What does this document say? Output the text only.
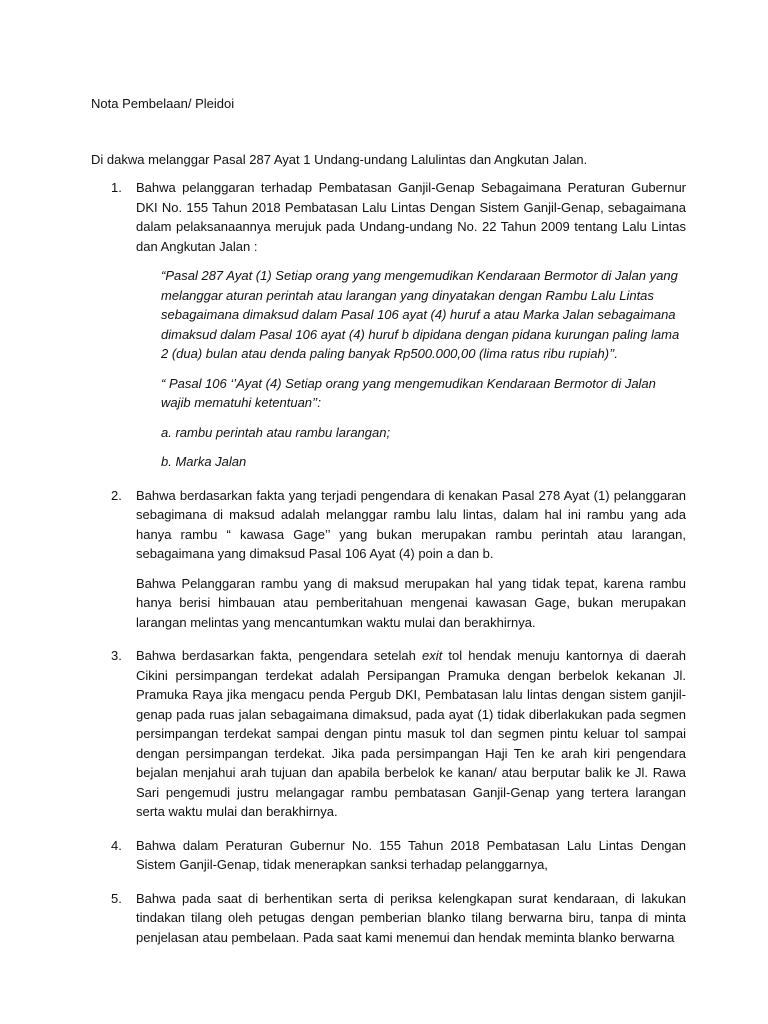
Nota Pembelaan/ Pleidoi
Di dakwa melanggar Pasal 287 Ayat 1 Undang-undang Lalulintas dan Angkutan Jalan.
1. Bahwa pelanggaran terhadap Pembatasan Ganjil-Genap Sebagaimana Peraturan Gubernur DKI No. 155 Tahun 2018 Pembatasan Lalu Lintas Dengan Sistem Ganjil-Genap, sebagaimana dalam pelaksanaannya merujuk pada Undang-undang No. 22 Tahun 2009 tentang Lalu Lintas dan Angkutan Jalan :

“Pasal 287 Ayat (1) Setiap orang yang mengemudikan Kendaraan Bermotor di Jalan yang melanggar aturan perintah atau larangan yang dinyatakan dengan Rambu Lalu Lintas sebagaimana dimaksud dalam Pasal 106 ayat (4) huruf a atau Marka Jalan sebagaimana dimaksud dalam Pasal 106 ayat (4) huruf b dipidana dengan pidana kurungan paling lama 2 (dua) bulan atau denda paling banyak Rp500.000,00 (lima ratus ribu rupiah)’’.

“ Pasal 106 ‘’Ayat (4) Setiap orang yang mengemudikan Kendaraan Bermotor di Jalan wajib mematuhi ketentuan’’:

a. rambu perintah atau rambu larangan;

b. Marka Jalan

2. Bahwa berdasarkan fakta yang terjadi pengendara di kenakan Pasal 278 Ayat (1) pelanggaran sebagimana di maksud adalah melanggar rambu lalu lintas, dalam hal ini rambu yang ada hanya rambu “ kawasa Gage’’ yang bukan merupakan rambu perintah atau larangan, sebagaimana yang dimaksud Pasal 106 Ayat (4) poin a dan b.

Bahwa Pelanggaran rambu yang di maksud merupakan hal yang tidak tepat, karena rambu hanya berisi himbauan atau pemberitahuan mengenai kawasan Gage, bukan merupakan larangan melintas yang mencantumkan waktu mulai dan berakhirnya.

3. Bahwa berdasarkan fakta, pengendara setelah exit tol hendak menuju kantornya di daerah Cikini persimpangan terdekat adalah Persipangan Pramuka dengan berbelok kekanan Jl. Pramuka Raya jika mengacu penda Pergub DKI, Pembatasan lalu lintas dengan sistem ganjil-genap pada ruas jalan sebagaimana dimaksud, pada ayat (1) tidak diberlakukan pada segmen persimpangan terdekat sampai dengan pintu masuk tol dan segmen pintu keluar tol sampai dengan persimpangan terdekat. Jika pada persimpangan Haji Ten ke arah kiri pengendara bejalan menjahui arah tujuan dan apabila berbelok ke kanan/ atau berputar balik ke Jl. Rawa Sari pengemudi justru melangagar rambu pembatasan Ganjil-Genap yang tertera larangan serta waktu mulai dan berakhirnya.

4. Bahwa dalam Peraturan Gubernur No. 155 Tahun 2018 Pembatasan Lalu Lintas Dengan Sistem Ganjil-Genap, tidak menerapkan sanksi terhadap pelanggarnya,

5. Bahwa pada saat di berhentikan serta di periksa kelengkapan surat kendaraan, di lakukan tindakan tilang oleh petugas dengan pemberian blanko tilang berwarna biru, tanpa di minta penjelasan atau pembelaan. Pada saat kami menemui dan hendak meminta blanko berwarna
